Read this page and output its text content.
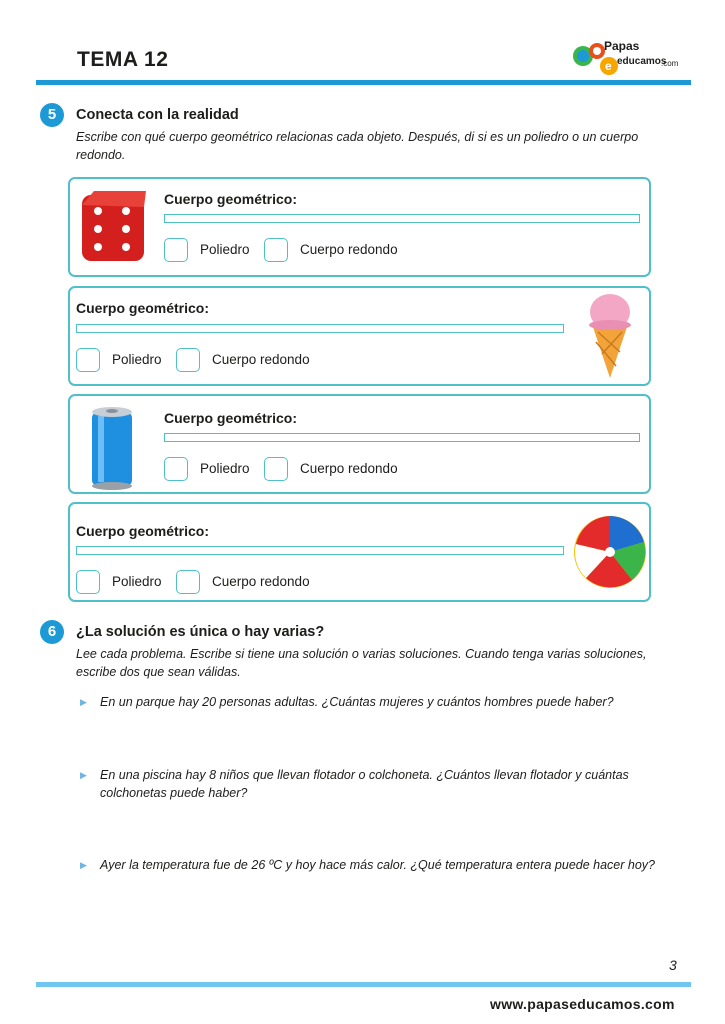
TEMA 12	e
Papas
educamos
.com
5	Conecta con la realidad
Escribe con qué cuerpo geométrico relacionas cada objeto. Después, di si es un poliedro o un cuerpo redondo.
Cuerpo geométrico:
Poliedro	Cuerpo redondo
Cuerpo geométrico:
Poliedro	Cuerpo redondo
Cuerpo geométrico:
Poliedro	Cuerpo redondo
Cuerpo geométrico:
Poliedro	Cuerpo redondo
6	¿La solución es única o hay varias?
Lee cada problema. Escribe si tiene una solución o varias soluciones. Cuando tenga varias soluciones, escribe dos que sean válidas.
▶ En un parque hay 20 personas adultas. ¿Cuántas mujeres y cuántos hombres puede haber?
▶ En una piscina hay 8 niños que llevan flotador o colchoneta. ¿Cuántos llevan flotador y cuántas colchonetas puede haber?
▶ Ayer la temperatura fue de 26 ºC y hoy hace más calor. ¿Qué temperatura entera puede hacer hoy?
3
www.papaseducamos.com
